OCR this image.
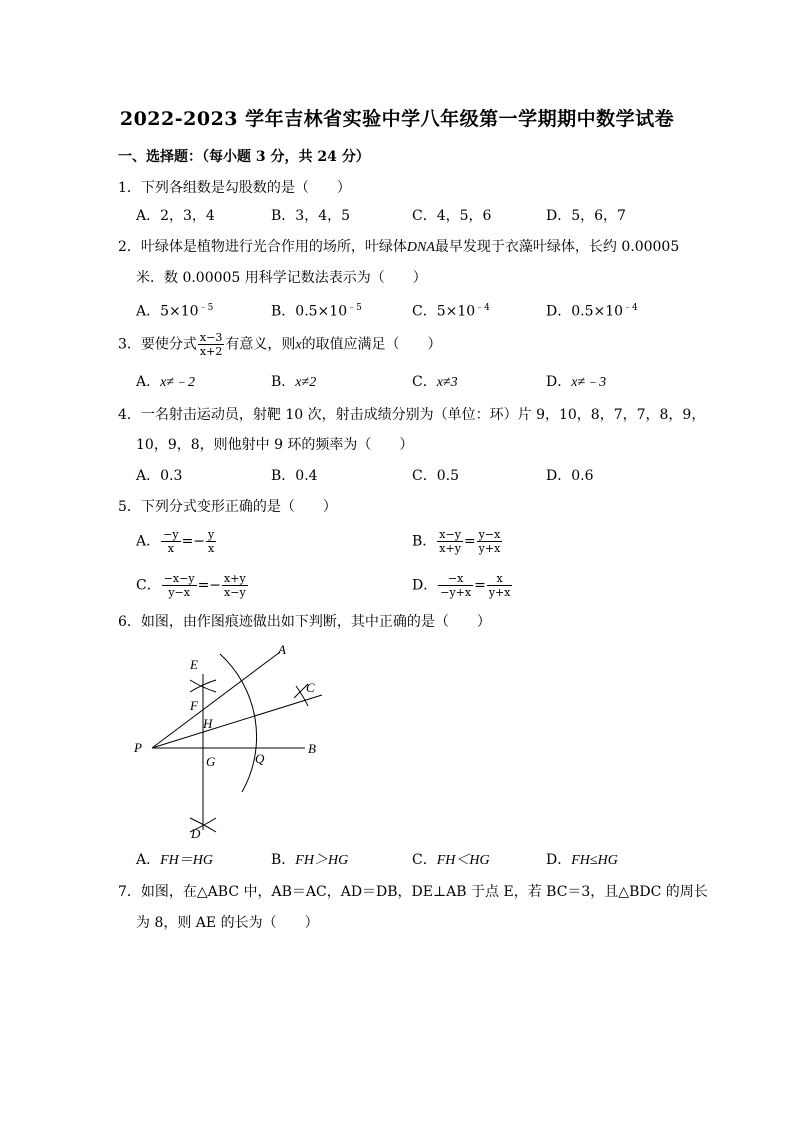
2022-2023 学年吉林省实验中学八年级第一学期期中数学试卷
一、选择题：（每小题 3 分，共 24 分）
1．下列各组数是勾股数的是（　　）
A．2，3，4	B．3，4，5	C．4，5，6	D．5，6，7
2．叶绿体是植物进行光合作用的场所，叶绿体DNA最早发现于衣藻叶绿体，长约 0.00005
米．数 0.00005 用科学记数法表示为（　　）
A．$5\times 10^{﹣5}$	B．$0.5\times 10^{﹣5}$	C．$5\times 10^{﹣4}$	D．$0.5\times 10^{﹣4}$
3．要使分式 $\frac{x-3}{x+2}$ 有意义，则x的取值应满足（　　）
A．x≠﹣2	B．x≠2	C．x≠3	D．x≠﹣3
4．一名射击运动员，射靶 10 次，射击成绩分别为（单位：环）片 9，10，8，7，7，8，9，
10，9，8，则他射中 9 环的频率为（　　）
A．0.3	B．0.4	C．0.5	D．0.6
5．下列分式变形正确的是（　　）
A． $\frac{-y}{x} =- \frac{y}{x}$	B． $\frac{x-y}{x+y} = \frac{y-x}{y+x}$
C． $\frac{-x-y}{y-x} =- \frac{x+y}{x-y}$	D． $\frac{-x}{-y+x} = \frac{x}{y+x}$
6．如图，由作图痕迹做出如下判断，其中正确的是（　　）
P
A
C
B
E
F
H
G	Q
D
A．FH＝HG	B．FH＞HG	C．FH＜HG	D．FH≤HG
7．如图，在△ABC 中，AB＝AC，AD＝DB，DE⊥AB 于点 E，若 BC＝3，且△BDC 的周长
为 8，则 AE 的长为（　　）
